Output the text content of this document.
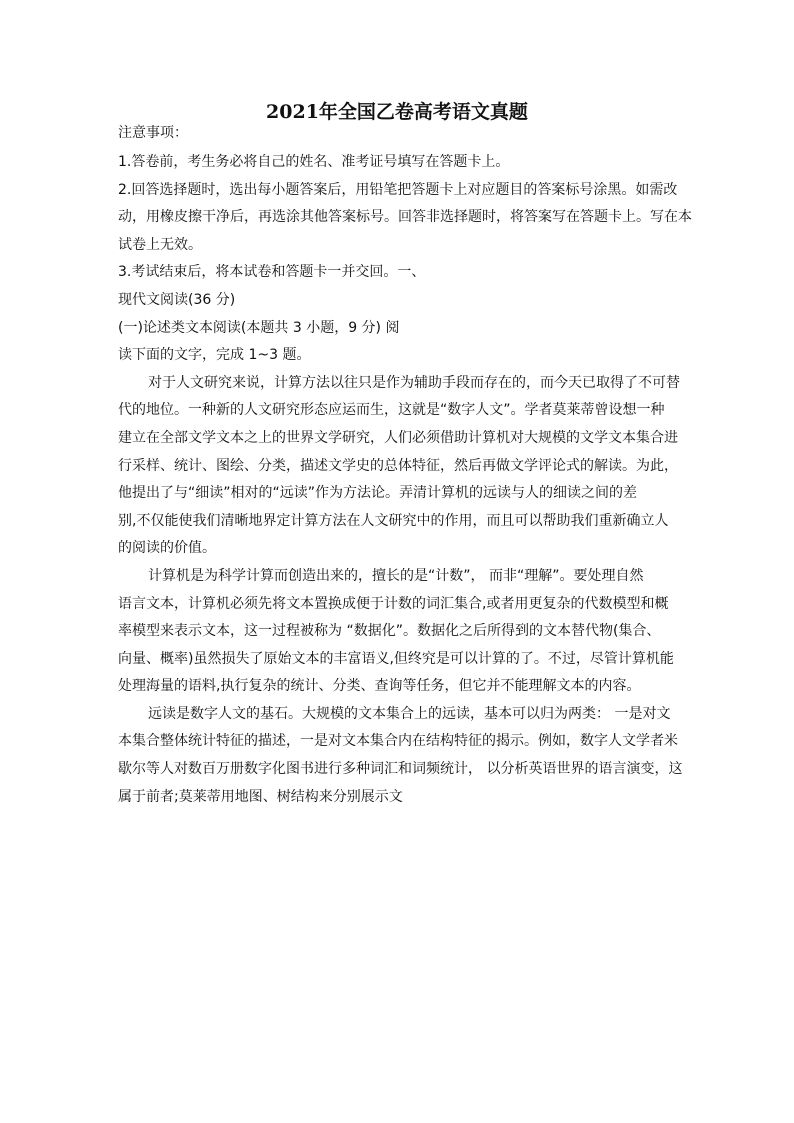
2021年全国乙卷高考语文真题
注意事项：
1.答卷前，考生务必将自己的姓名、准考证号填写在答题卡上。
2.回答选择题时，选出每小题答案后，用铅笔把答题卡上对应题目的答案标号涂黑。如需改
动，用橡皮擦干净后，再选涂其他答案标号。回答非选择题时，将答案写在答题卡上。写在本
试卷上无效。
3.考试结束后，将本试卷和答题卡一并交回。一、
现代文阅读(36 分)
(一)论述类文本阅读(本题共 3 小题，9 分) 阅
读下面的文字，完成 1~3 题。
对于人文研究来说，计算方法以往只是作为辅助手段而存在的，而今天已取得了不可替
代的地位。一种新的人文研究形态应运而生，这就是“数字人文”。学者莫莱蒂曾设想一种
建立在全部文学文本之上的世界文学研究，人们必须借助计算机对大规模的文学文本集合进
行采样、统计、图绘、分类，描述文学史的总体特征，然后再做文学评论式的解读。为此，
他提出了与“细读”相对的“远读”作为方法论。弄清计算机的远读与人的细读之间的差
别,不仅能使我们清晰地界定计算方法在人文研究中的作用，而且可以帮助我们重新确立人
的阅读的价值。
计算机是为科学计算而创造出来的，擅长的是“计数”， 而非“理解”。要处理自然
语言文本，计算机必须先将文本置换成便于计数的词汇集合,或者用更复杂的代数模型和概
率模型来表示文本，这一过程被称为 “数据化”。数据化之后所得到的文本替代物(集合、
向量、概率)虽然损失了原始文本的丰富语义,但终究是可以计算的了。不过，尽管计算机能
处理海量的语料,执行复杂的统计、分类、查询等任务，但它并不能理解文本的内容。
远读是数字人文的基石。大规模的文本集合上的远读，基本可以归为两类： 一是对文
本集合整体统计特征的描述，一是对文本集合内在结构特征的揭示。例如，数字人文学者米
歇尔等人对数百万册数字化图书进行多种词汇和词频统计， 以分析英语世界的语言演变，这
属于前者;莫莱蒂用地图、树结构来分别展示文
